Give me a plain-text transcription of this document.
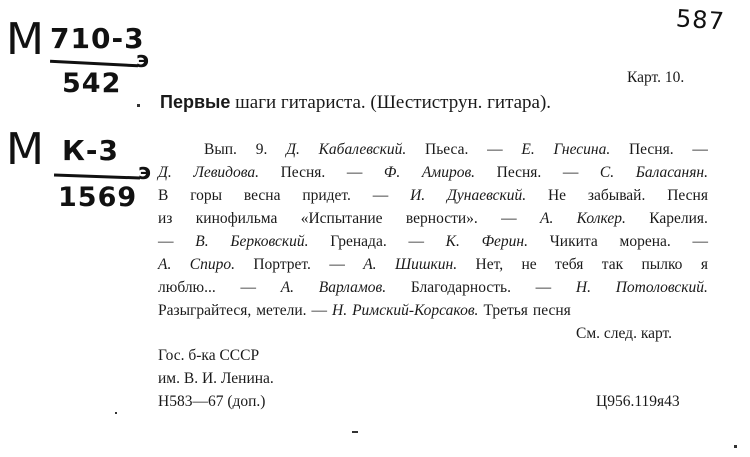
587
М 710-3
542
э
М К-3
1569
э
Карт. 10.
Первые шаги гитариста. (Шестиструн. гитара).
Вып. 9. Д. Кабалевский. Пьеса. — Е. Гнесина. Песня. —
Д. Левидова. Песня. — Ф. Амиров. Песня. — С. Баласанян.
В горы весна придет. — И. Дунаевский. Не забывай. Песня
из кинофильма «Испытание верности». — А. Колкер. Карелия.
— В. Берковский. Гренада. — К. Ферин. Чикита морена. —
А. Спиро. Портрет. — А. Шишкин. Нет, не тебя так пылко я
люблю... — А. Варламов. Благодарность. — Н. Потоловский.
Разыграйтеся, метели. — Н. Римский-Корсаков. Третья песня
См. след. карт.
Гос. б-ка СССР
им. В. И. Ленина.
Н583—67 (доп.)	Ц956.119я43
